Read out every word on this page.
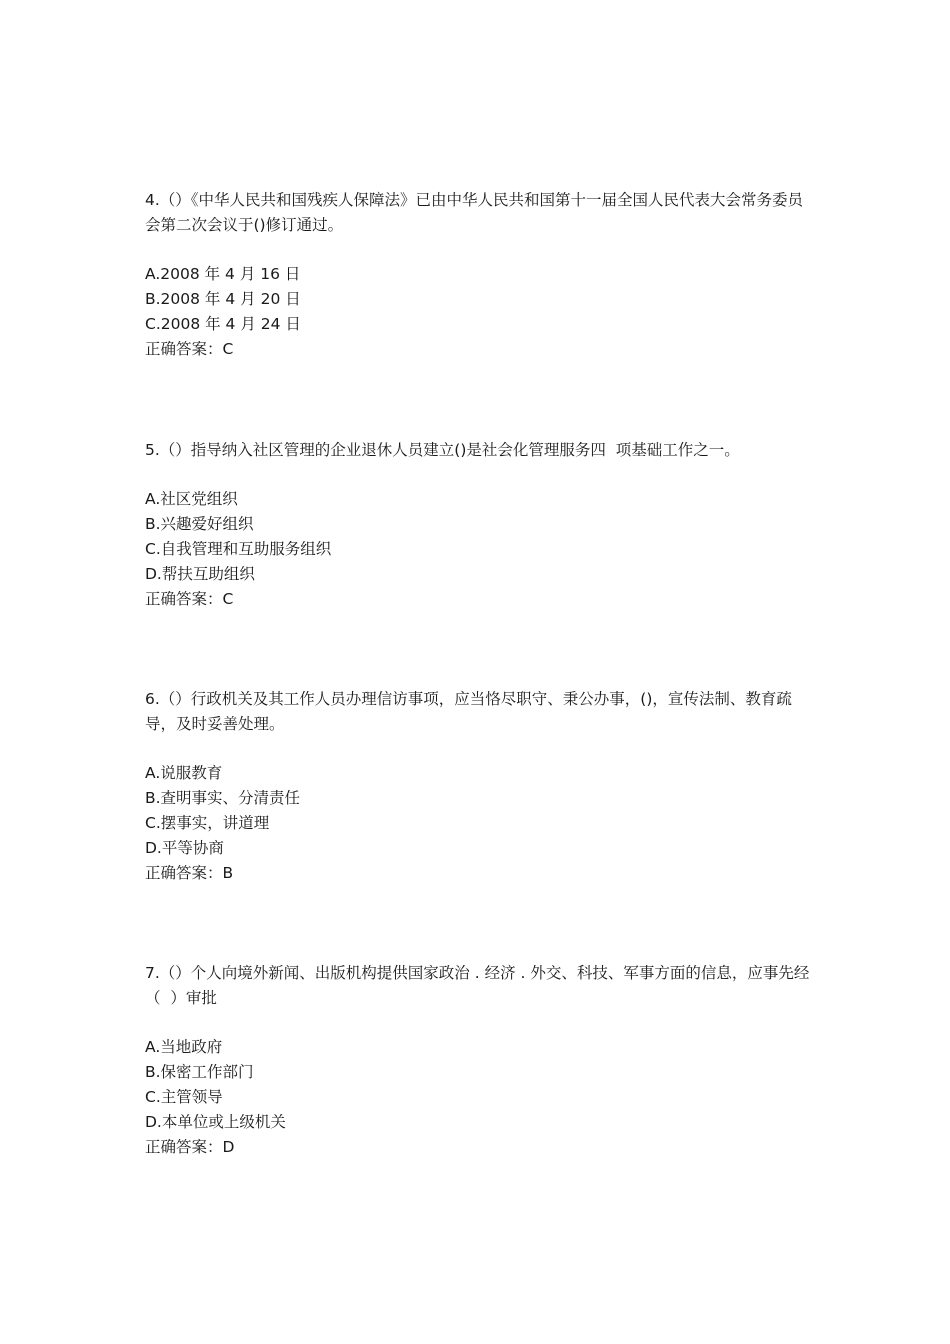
4.（）《中华人民共和国残疾人保障法》已由中华人民共和国第十一届全国人民代表大会常务委员会第二次会议于()修订通过。

A.2008 年 4 月 16 日

B.2008 年 4 月 20 日

C.2008 年 4 月 24 日

正确答案：C

5.（）指导纳入社区管理的企业退休人员建立()是社会化管理服务四  项基础工作之一。

A.社区党组织

B.兴趣爱好组织

C.自我管理和互助服务组织

D.帮扶互助组织

正确答案：C

6.（）行政机关及其工作人员办理信访事项，应当恪尽职守、秉公办事，()，宣传法制、教育疏导，及时妥善处理。

A.说服教育

B.查明事实、分清责任

C.摆事实，讲道理

D.平等协商

正确答案：B

7.（）个人向境外新闻、出版机构提供国家政治 . 经济 . 外交、科技、军事方面的信息，应事先经（  ）审批

A.当地政府

B.保密工作部门

C.主管领导

D.本单位或上级机关

正确答案：D
